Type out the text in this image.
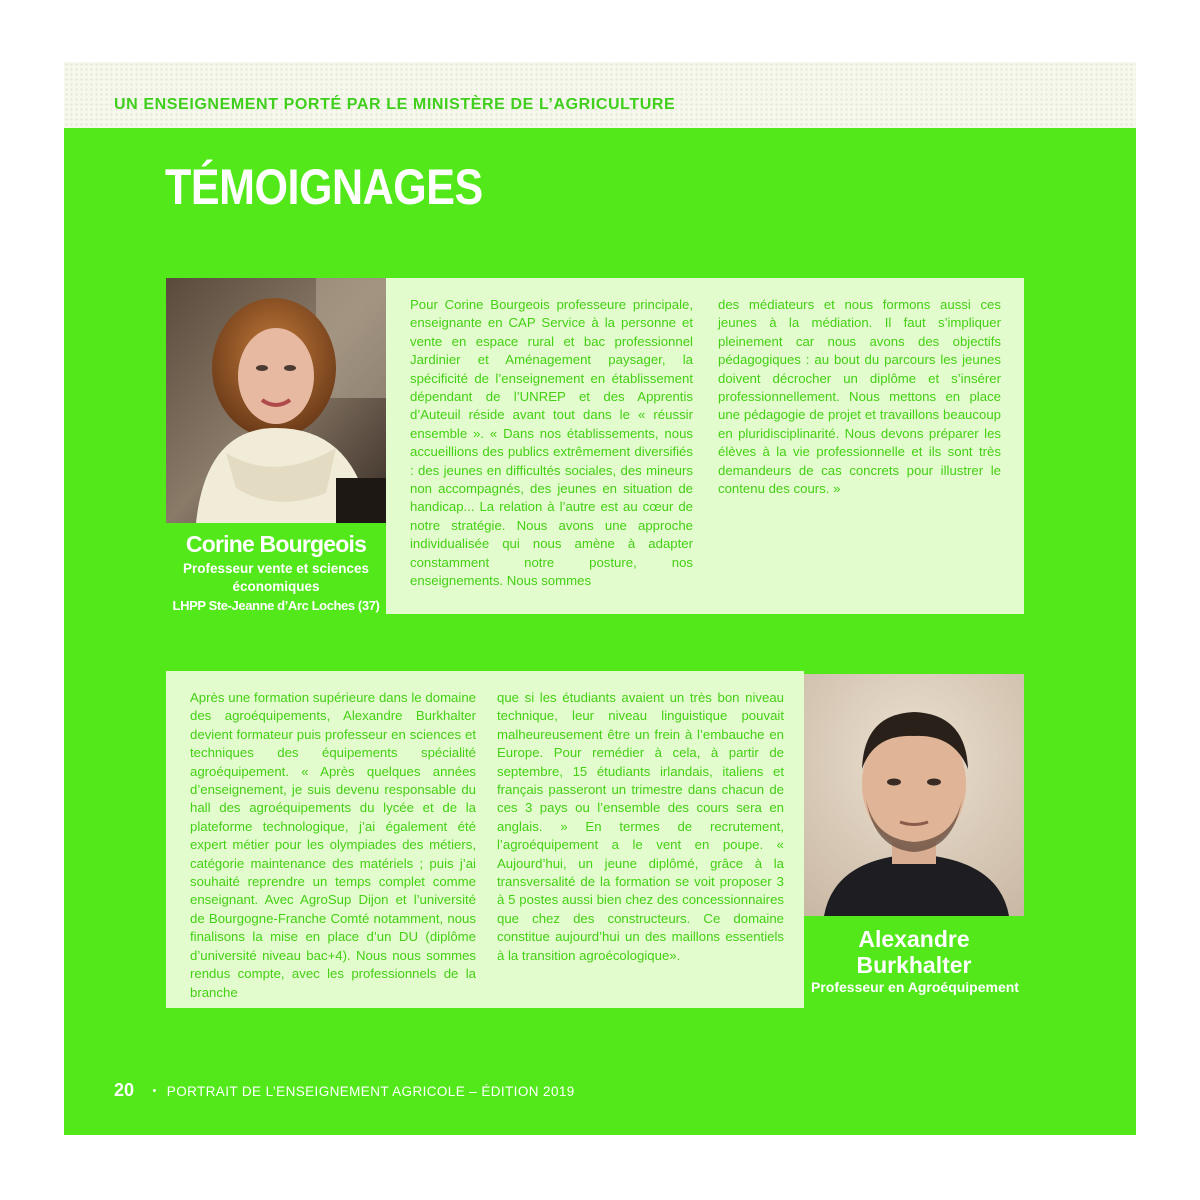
UN ENSEIGNEMENT PORTÉ PAR LE MINISTÈRE DE L’AGRICULTURE
TÉMOIGNAGES
Corine Bourgeois
Professeur vente et sciences économiques
LHPP Ste-Jeanne d’Arc Loches (37)
Pour Corine Bourgeois professeure principale, enseignante en CAP Service à la personne et vente en espace rural et bac professionnel Jardinier et Aménagement paysager, la spécificité de l’enseignement en établissement dépendant de l’UNREP et des Apprentis d’Auteuil réside avant tout dans le « réussir ensemble ». « Dans nos établissements, nous accueillions des publics extrêmement diversifiés : des jeunes en difficultés sociales, des mineurs non accompagnés, des jeunes en situation de handicap... La relation à l’autre est au cœur de notre stratégie. Nous avons une approche individualisée qui nous amène à adapter constamment notre posture, nos enseignements. Nous sommes
des médiateurs et nous formons aussi ces jeunes à la médiation. Il faut s’impliquer pleinement car nous avons des objectifs pédagogiques : au bout du parcours les jeunes doivent décrocher un diplôme et s’insérer professionnellement. Nous mettons en place une pédagogie de projet et travaillons beaucoup en pluridisciplinarité. Nous devons préparer les élèves à la vie professionnelle et ils sont très demandeurs de cas concrets pour illustrer le contenu des cours. »
Après une formation supérieure dans le domaine des agroéquipements, Alexandre Burkhalter devient formateur puis professeur en sciences et techniques des équipements spécialité agroéquipement. « Après quelques années d’enseignement, je suis devenu responsable du hall des agroéquipements du lycée et de la plateforme technologique, j’ai également été expert métier pour les olympiades des métiers, catégorie maintenance des matériels ; puis j’ai souhaité reprendre un temps complet comme enseignant. Avec AgroSup Dijon et l’université de Bourgogne-Franche Comté notamment, nous finalisons la mise en place d’un DU (diplôme d’université niveau bac+4). Nous nous sommes rendus compte, avec les professionnels de la branche
que si les étudiants avaient un très bon niveau technique, leur niveau linguistique pouvait malheureusement être un frein à l’embauche en Europe. Pour remédier à cela, à partir de septembre, 15 étudiants irlandais, italiens et français passeront un trimestre dans chacun de ces 3 pays ou l’ensemble des cours sera en anglais. » En termes de recrutement, l’agroéquipement a le vent en poupe. « Aujourd’hui, un jeune diplômé, grâce à la transversalité de la formation se voit proposer 3 à 5 postes aussi bien chez des concessionnaires que chez des constructeurs. Ce domaine constitue aujourd’hui un des maillons essentiels à la transition agroécologique».
Alexandre
Burkhalter
Professeur en Agroéquipement
20 • PORTRAIT DE L’ENSEIGNEMENT AGRICOLE – ÉDITION 2019
